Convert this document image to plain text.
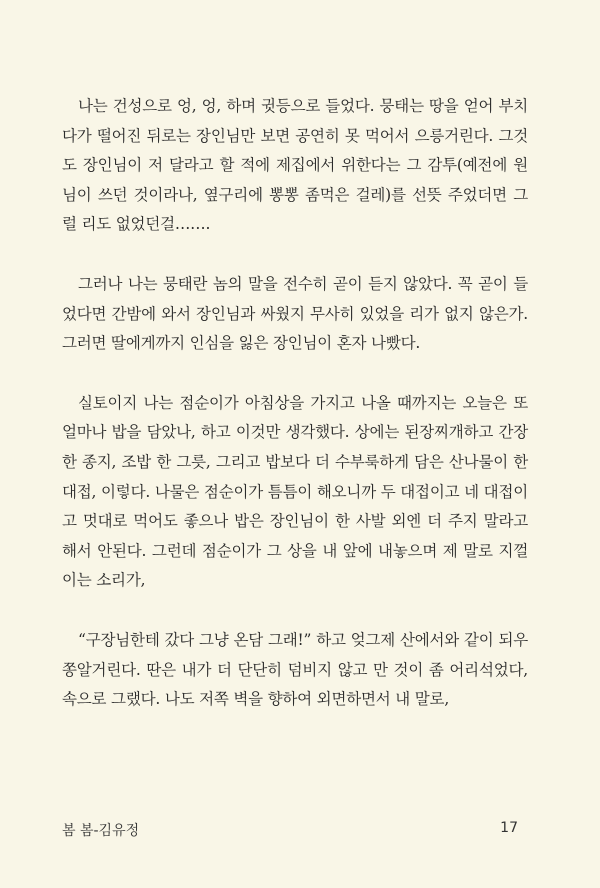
나는 건성으로 엉, 엉, 하며 귓등으로 들었다. 뭉태는 땅을 얻어 부치다가 떨어진 뒤로는 장인님만 보면 공연히 못 먹어서 으릉거린다. 그것도 장인님이 저 달라고 할 적에 제집에서 위한다는 그 감투(예전에 원님이 쓰던 것이라나, 옆구리에 뽕뽕 좀먹은 걸레)를 선뜻 주었더면 그럴 리도 없었던걸…….

그러나 나는 뭉태란 놈의 말을 전수히 곧이 듣지 않았다. 꼭 곧이 들었다면 간밤에 와서 장인님과 싸웠지 무사히 있었을 리가 없지 않은가. 그러면 딸에게까지 인심을 잃은 장인님이 혼자 나빴다.

실토이지 나는 점순이가 아침상을 가지고 나올 때까지는 오늘은 또 얼마나 밥을 담았나, 하고 이것만 생각했다. 상에는 된장찌개하고 간장 한 종지, 조밥 한 그릇, 그리고 밥보다 더 수부룩하게 담은 산나물이 한 대접, 이렇다. 나물은 점순이가 틈틈이 해오니까 두 대접이고 네 대접이고 멋대로 먹어도 좋으나 밥은 장인님이 한 사발 외엔 더 주지 말라고 해서 안된다. 그런데 점순이가 그 상을 내 앞에 내놓으며 제 말로 지껄이는 소리가,

“구장님한테 갔다 그냥 온담 그래!” 하고 엊그제 산에서와 같이 되우 쫑알거린다. 딴은 내가 더 단단히 덤비지 않고 만 것이 좀 어리석었다, 속으로 그랬다. 나도 저쪽 벽을 향하여 외면하면서 내 말로,

봄 봄-김유정	17
